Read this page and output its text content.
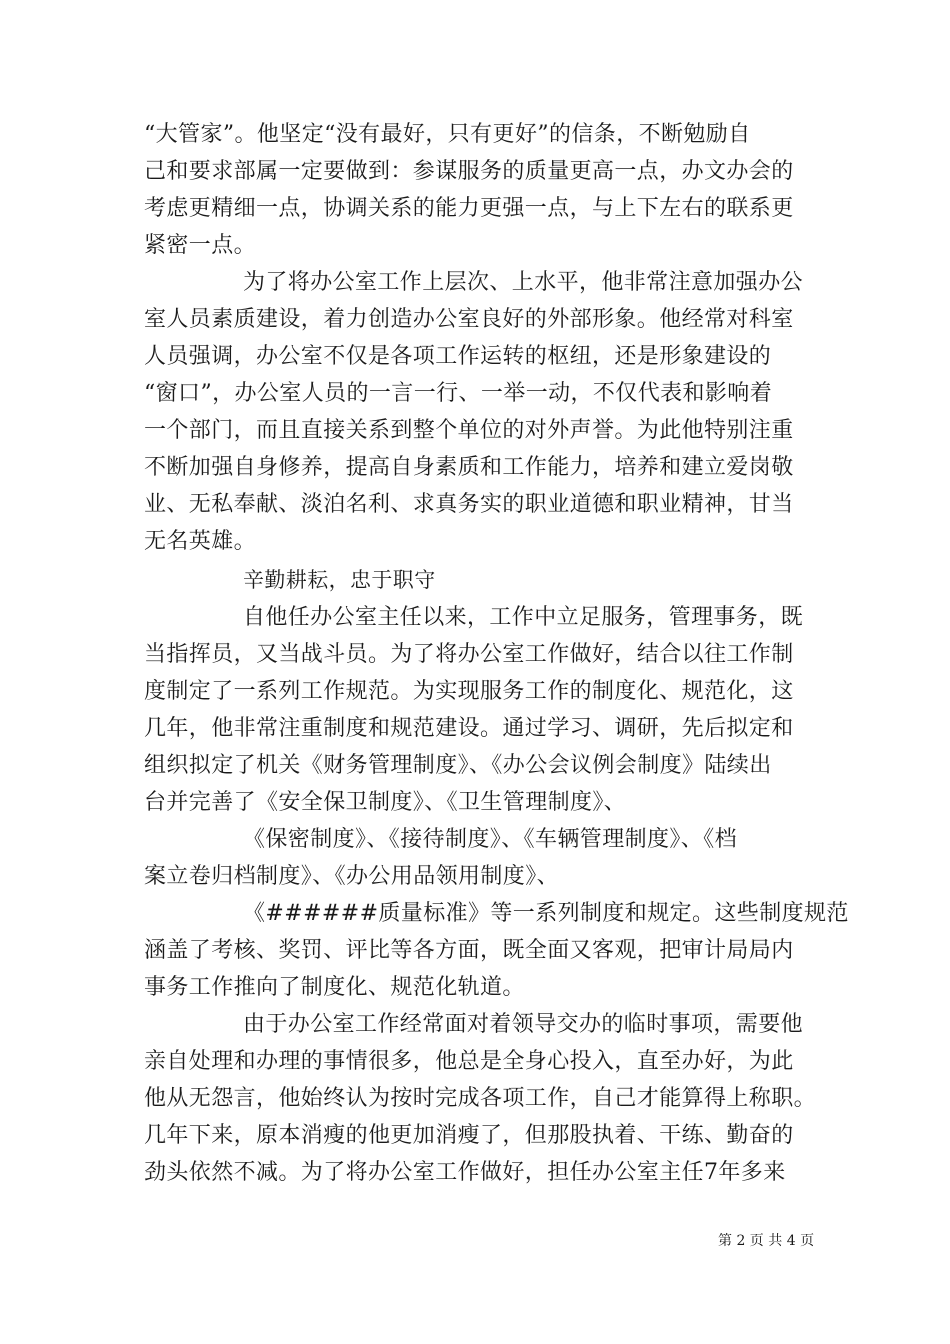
“大管家”。他坚定“没有最好，只有更好”的信条，不断勉励自
己和要求部属一定要做到：参谋服务的质量更高一点，办文办会的
考虑更精细一点，协调关系的能力更强一点，与上下左右的联系更
紧密一点。
为了将办公室工作上层次、上水平，他非常注意加强办公
室人员素质建设，着力创造办公室良好的外部形象。他经常对科室
人员强调，办公室不仅是各项工作运转的枢纽，还是形象建设的
“窗口”，办公室人员的一言一行、一举一动，不仅代表和影响着
一个部门，而且直接关系到整个单位的对外声誉。为此他特别注重
不断加强自身修养，提高自身素质和工作能力，培养和建立爱岗敬
业、无私奉献、淡泊名利、求真务实的职业道德和职业精神，甘当
无名英雄。
辛勤耕耘，忠于职守
自他任办公室主任以来，工作中立足服务，管理事务，既
当指挥员，又当战斗员。为了将办公室工作做好，结合以往工作制
度制定了一系列工作规范。为实现服务工作的制度化、规范化，这
几年，他非常注重制度和规范建设。通过学习、调研，先后拟定和
组织拟定了机关《财务管理制度》、《办公会议例会制度》陆续出
台并完善了《安全保卫制度》、《卫生管理制度》、
《保密制度》、《接待制度》、《车辆管理制度》、《档
案立卷归档制度》、《办公用品领用制度》、
《######质量标准》等一系列制度和规定。这些制度规范
涵盖了考核、奖罚、评比等各方面，既全面又客观，把审计局局内
事务工作推向了制度化、规范化轨道。
由于办公室工作经常面对着领导交办的临时事项，需要他
亲自处理和办理的事情很多，他总是全身心投入，直至办好，为此
他从无怨言，他始终认为按时完成各项工作，自己才能算得上称职。
几年下来，原本消瘦的他更加消瘦了，但那股执着、干练、勤奋的
劲头依然不减。为了将办公室工作做好，担任办公室主任7年多来
第 2 页 共 4 页
